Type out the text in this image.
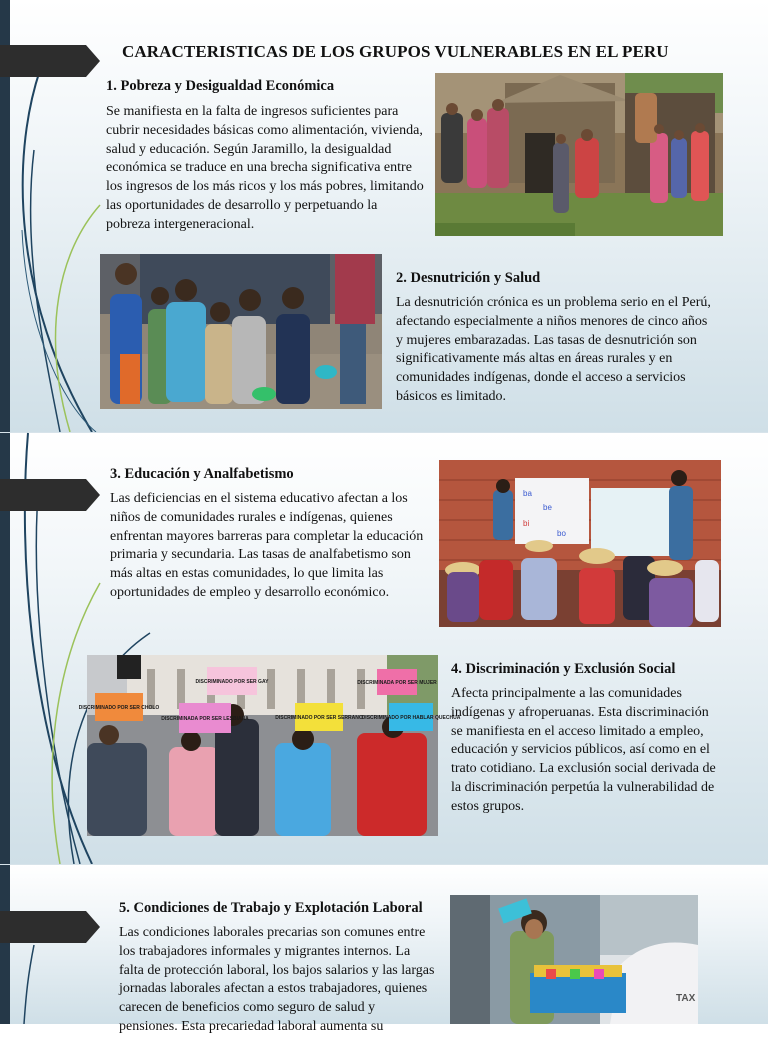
CARACTERISTICAS DE LOS GRUPOS VULNERABLES EN EL PERU
1. Pobreza y Desigualdad Económica

Se manifiesta en la falta de ingresos suficientes para cubrir necesidades básicas como alimentación, vivienda, salud y educación. Según Jaramillo, la desigualdad económica se traduce en una brecha significativa entre los ingresos de los más ricos y los más pobres, limitando las oportunidades de desarrollo y perpetuando la pobreza intergeneracional.

2. Desnutrición y Salud

La desnutrición crónica es un problema serio en el Perú, afectando especialmente a niños menores de cinco años y mujeres embarazadas. Las tasas de desnutrición son significativamente más altas en áreas rurales y en comunidades indígenas, donde el acceso a servicios básicos es limitado.

3. Educación y Analfabetismo

Las deficiencias en el sistema educativo afectan a los niños de comunidades rurales e indígenas, quienes enfrentan mayores barreras para completar la educación primaria y secundaria. Las tasas de analfabetismo son más altas en estas comunidades, lo que limita las oportunidades de empleo y desarrollo económico.

ba
be
bi
bo
DISCRIMINADO POR SER CHOLO
DISCRIMINADO POR SER GAY
DISCRIMINADA POR SER LESBIANA	DISCRIMINADO POR SER SERRANO
DISCRIMINADA POR SER MUJER
DISCRIMINADO POR HABLAR QUECHUA
4. Discriminación y Exclusión Social

Afecta principalmente a las comunidades indígenas y afroperuanas. Esta discriminación se manifiesta en el acceso limitado a empleo, educación y servicios públicos, así como en el trato cotidiano. La exclusión social derivada de la discriminación perpetúa la vulnerabilidad de estos grupos.

5. Condiciones de Trabajo y Explotación Laboral

Las condiciones laborales precarias son comunes entre los trabajadores informales y migrantes internos. La falta de protección laboral, los bajos salarios y las largas jornadas laborales afectan a estos trabajadores, quienes carecen de beneficios como seguro de salud y pensiones. Esta precariedad laboral aumenta su

TAX
